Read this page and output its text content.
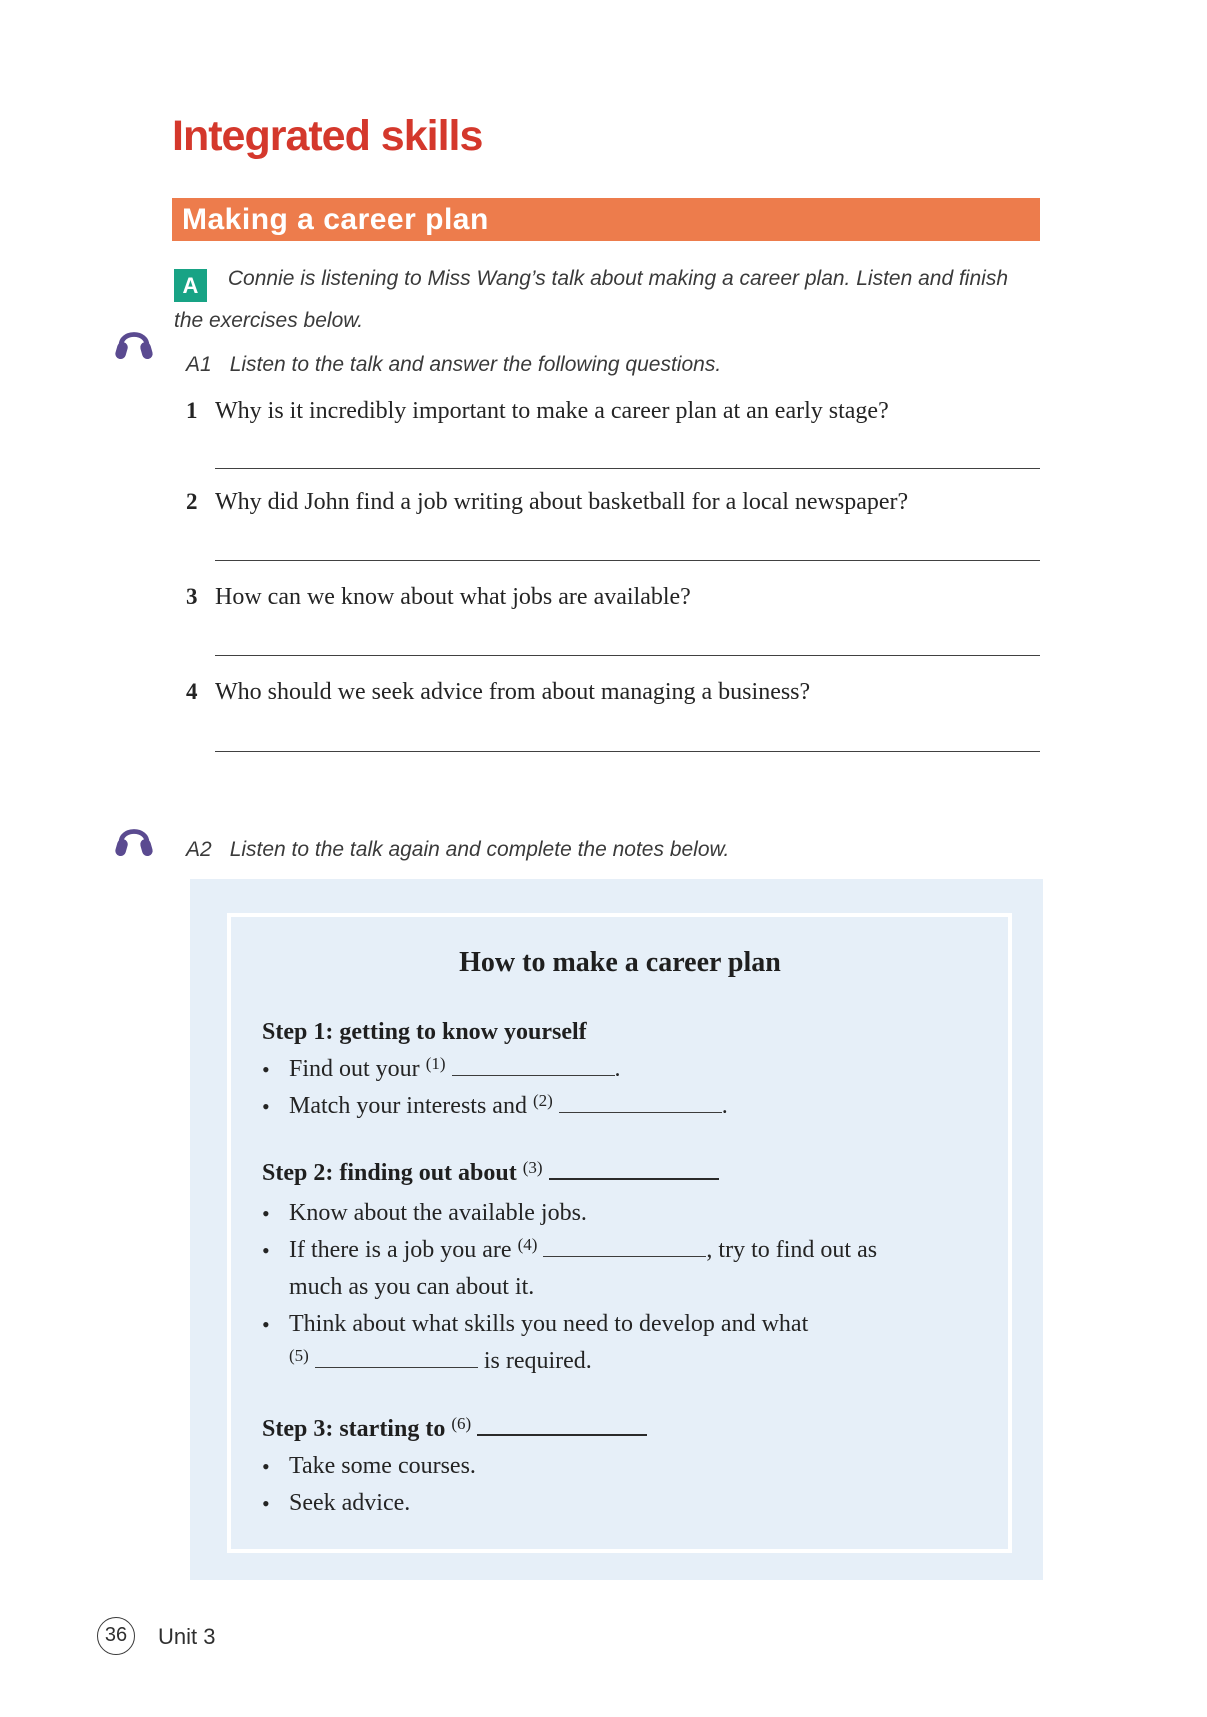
Integrated skills
Making a career plan
A Connie is listening to Miss Wang’s talk about making a career plan. Listen and finish the exercises below.
A1 Listen to the talk and answer the following questions.
1 Why is it incredibly important to make a career plan at an early stage?
2 Why did John find a job writing about basketball for a local newspaper?
3 How can we know about what jobs are available?
4 Who should we seek advice from about managing a business?
A2 Listen to the talk again and complete the notes below.
How to make a career plan
Step 1: getting to know yourself
• Find out your $^{(1)}$	.
• Match your interests and $^{(2)}$	.
Step 2: finding out about $^{(3)}$
• Know about the available jobs.
• If there is a job you are $^{(4)}$	, try to find out as
much as you can about it.
• Think about what skills you need to develop and what
$^{(5)}$	is required.
Step 3: starting to $^{(6)}$
• Take some courses.
• Seek advice.
36	Unit 3
